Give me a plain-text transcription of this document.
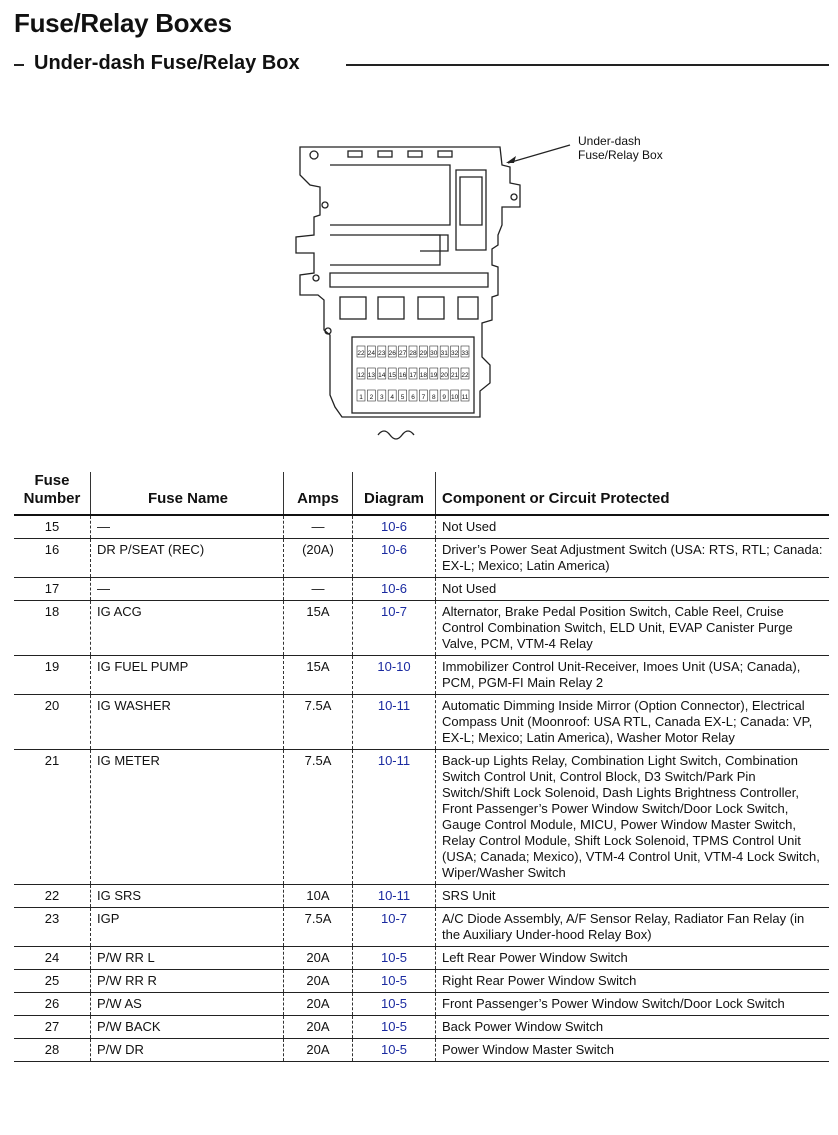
Fuse/Relay Boxes
Under-dash Fuse/Relay Box
Under-dash
Fuse/Relay Box
22 24 23 26 27 28 29 30 31 32 33
12 13 14 15 16 17 18 19 20 21 22
1 2 3 4 5 6 7 8 9 10 11
Fuse
Number	Fuse Name	Amps	Diagram	Component or Circuit Protected
15	—	—	10-6	Not Used
16	DR P/SEAT (REC)	(20A)	10-6	Driver’s Power Seat Adjustment Switch (USA: RTS, RTL; Canada: EX-L; Mexico; Latin America)
17	—	—	10-6	Not Used
18	IG ACG	15A	10-7	Alternator, Brake Pedal Position Switch, Cable Reel, Cruise Control Combination Switch, ELD Unit, EVAP Canister Purge Valve, PCM, VTM-4 Relay
19	IG FUEL PUMP	15A	10-10	Immobilizer Control Unit-Receiver, Imoes Unit (USA; Canada), PCM, PGM-FI Main Relay 2
20	IG WASHER	7.5A	10-11	Automatic Dimming Inside Mirror (Option Connector), Electrical Compass Unit (Moonroof: USA RTL, Canada EX-L; Canada: VP, EX-L; Mexico; Latin America), Washer Motor Relay
21	IG METER	7.5A	10-11	Back-up Lights Relay, Combination Light Switch, Combination Switch Control Unit, Control Block, D3 Switch/Park Pin Switch/Shift Lock Solenoid, Dash Lights Brightness Controller, Front Passenger’s Power Window Switch/Door Lock Switch, Gauge Control Module, MICU, Power Window Master Switch, Relay Control Module, Shift Lock Solenoid, TPMS Control Unit (USA; Canada; Mexico), VTM-4 Control Unit, VTM-4 Lock Switch, Wiper/Washer Switch
22	IG SRS	10A	10-11	SRS Unit
23	IGP	7.5A	10-7	A/C Diode Assembly, A/F Sensor Relay, Radiator Fan Relay (in the Auxiliary Under-hood Relay Box)
24	P/W RR L	20A	10-5	Left Rear Power Window Switch
25	P/W RR R	20A	10-5	Right Rear Power Window Switch
26	P/W AS	20A	10-5	Front Passenger’s Power Window Switch/Door Lock Switch
27	P/W BACK	20A	10-5	Back Power Window Switch
28	P/W DR	20A	10-5	Power Window Master Switch
